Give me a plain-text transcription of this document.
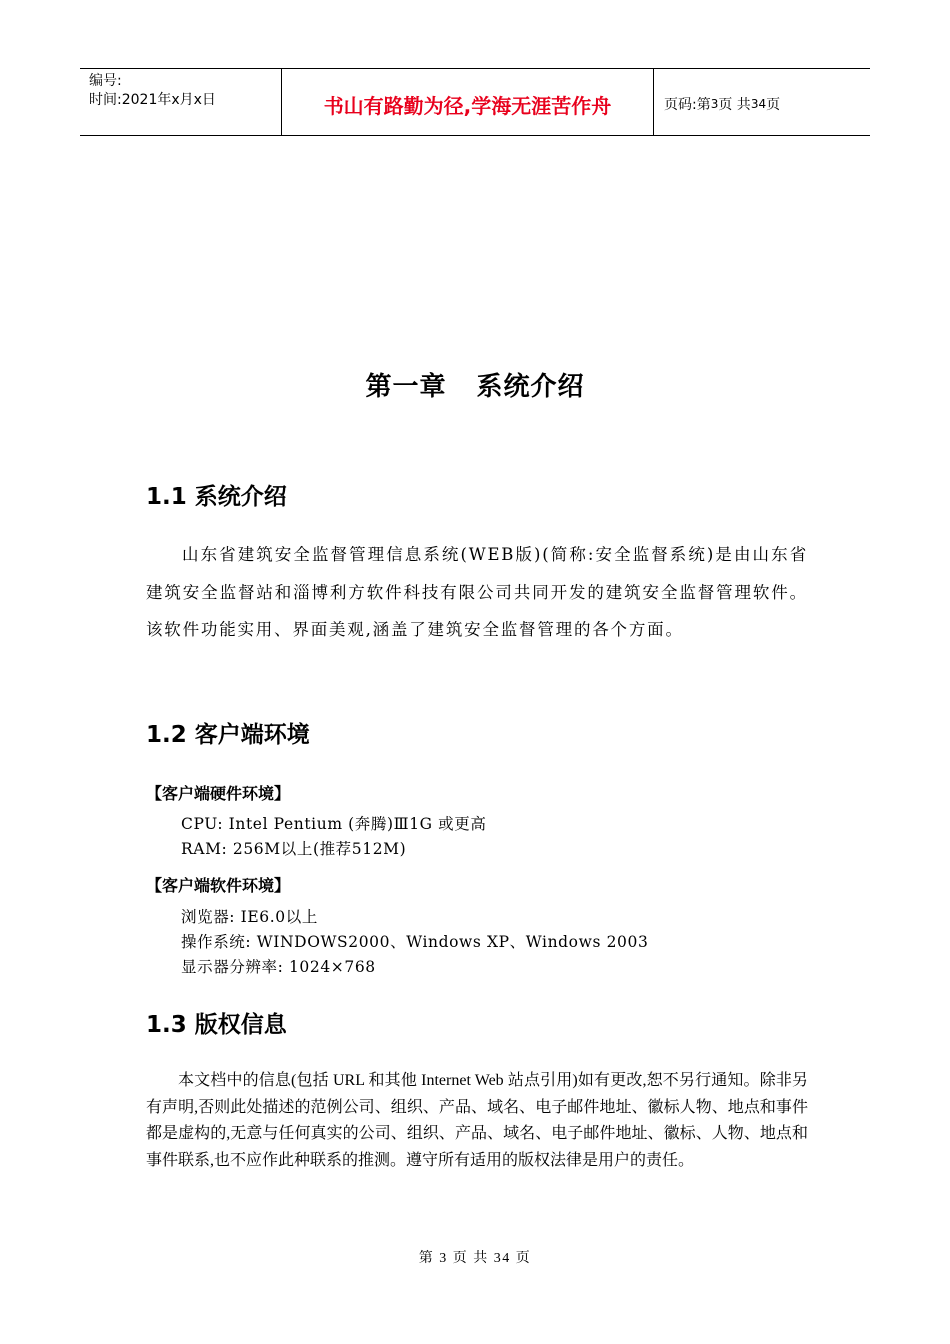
编号:
时间:2021年x月x日	书山有路勤为径,学海无涯苦作舟	页码:第 3 页 共 34 页
第一章 系统介绍
1.1 系统介绍

山东省建筑安全监督管理信息系统(WEB版)(简称:安全监督系统)是由山东省建筑安全监督站和淄博利方软件科技有限公司共同开发的建筑安全监督管理软件。该软件功能实用、界面美观,涵盖了建筑安全监督管理的各个方面。

1.2 客户端环境
【客户端硬件环境】
CPU: Intel Pentium (奔腾)Ⅲ1G 或更高
RAM: 256M以上(推荐512M)
【客户端软件环境】
浏览器: IE6.0以上
操作系统: WINDOWS2000、Windows XP、Windows 2003
显示器分辨率: 1024×768
1.3 版权信息

本文档中的信息(包括 URL 和其他 Internet Web 站点引用)如有更改,恕不另行通知。除非另有声明,否则此处描述的范例公司、组织、产品、域名、电子邮件地址、徽标人物、地点和事件都是虚构的,无意与任何真实的公司、组织、产品、域名、电子邮件地址、徽标、人物、地点和事件联系,也不应作此种联系的推测。遵守所有适用的版权法律是用户的责任。

第 3 页 共 34 页
